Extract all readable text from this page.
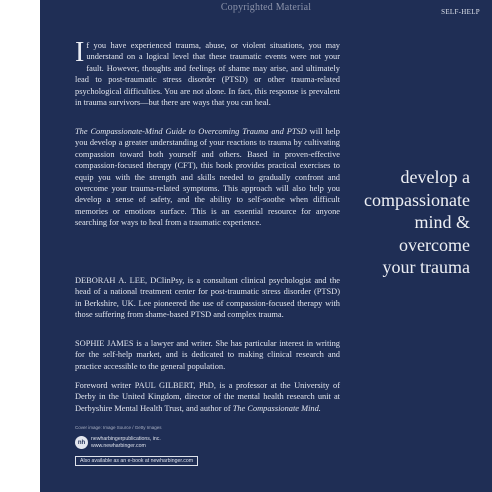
Copyrighted Material	SELF-HELP

I f you have experienced trauma, abuse, or violent situations, you may understand on a logical level that these traumatic events were not your fault. However, thoughts and feelings of shame may arise, and ultimately lead to post-traumatic stress disorder (PTSD) or other trauma-related psychological difficulties. You are not alone. In fact, this response is prevalent in trauma survivors—but there are ways that you can heal.

The Compassionate-Mind Guide to Overcoming Trauma and PTSD will help you develop a greater understanding of your reactions to trauma by cultivating compassion toward both yourself and others. Based in proven-effective compassion-focused therapy (CFT), this book provides practical exercises to equip you with the strength and skills needed to gradually confront and overcome your trauma-related symptoms. This approach will also help you develop a sense of safety, and the ability to self-soothe when difficult memories or emotions surface. This is an essential resource for anyone searching for ways to heal from a traumatic experience.

develop a
compassionate
mind &
overcome
your trauma

DEBORAH A. LEE, DClinPsy, is a consultant clinical psychologist and the head of a national treatment center for post-traumatic stress disorder (PTSD) in Berkshire, UK. Lee pioneered the use of compassion-focused therapy with those suffering from shame-based PTSD and complex trauma.

SOPHIE JAMES is a lawyer and writer. She has particular interest in writing for the self-help market, and is dedicated to making clinical research and practice accessible to the general population.

Foreword writer PAUL GILBERT, PhD, is a professor at the University of Derby in the United Kingdom, director of the mental health research unit at Derbyshire Mental Health Trust, and author of The Compassionate Mind.

Cover image: Image Source / Getty Images
nh
newharbingerpublications, inc.
www.newharbinger.com
Also available as an e-book at newharbinger.com
